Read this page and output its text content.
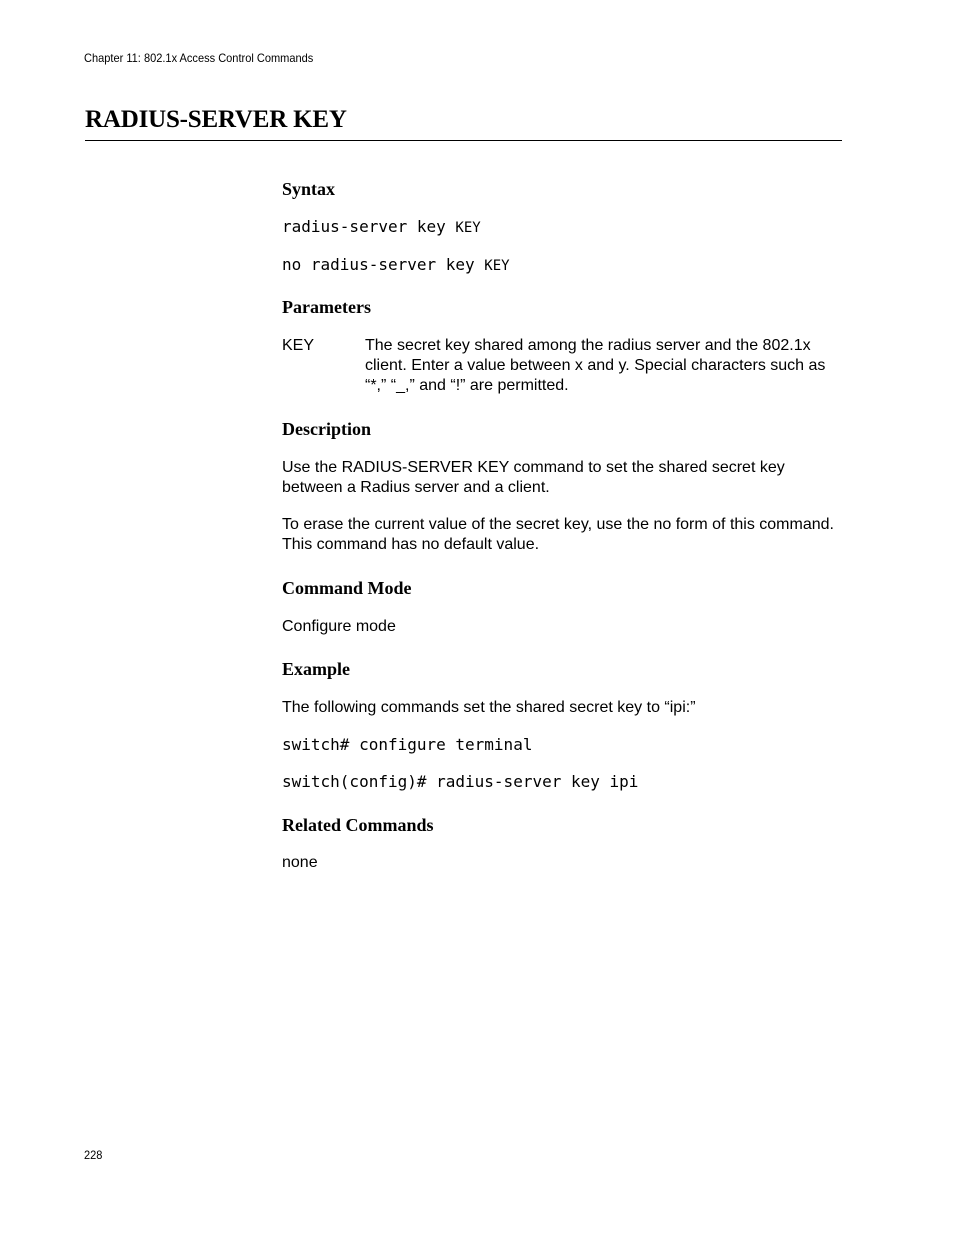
Chapter 11: 802.1x Access Control Commands
RADIUS-SERVER KEY
Syntax
radius-server key KEY
no radius-server key KEY
Parameters
KEY	The secret key shared among the radius server and the 802.1x client. Enter a value between x and y. Special characters such as “*,” “_,” and “!” are permitted.

Description

Use the RADIUS-SERVER KEY command to set the shared secret key between a Radius server and a client.

To erase the current value of the secret key, use the no form of this command. This command has no default value.

Command Mode

Configure mode

Example

The following commands set the shared secret key to “ipi:”

switch# configure terminal
switch(config)# radius-server key ipi
Related Commands

none

228
